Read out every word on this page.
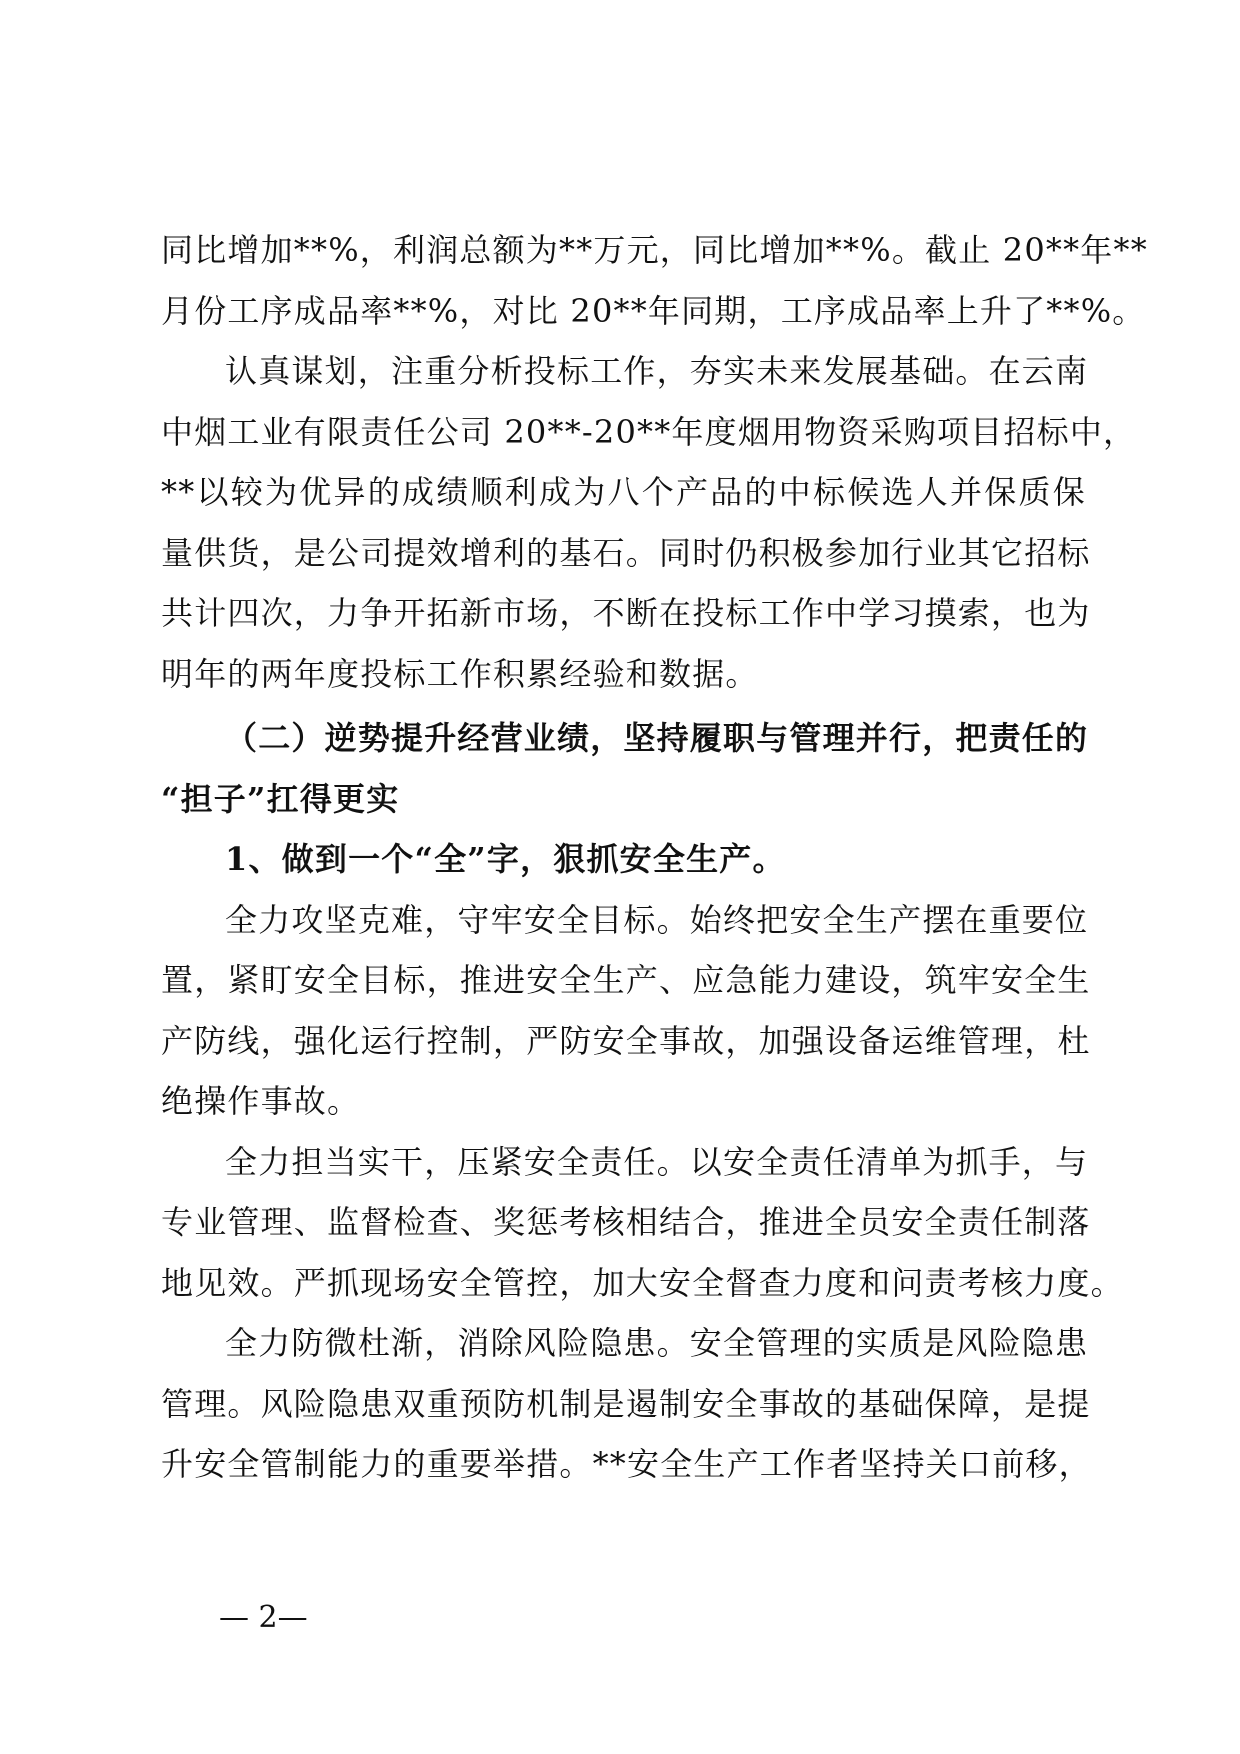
同比增加**%，利润总额为**万元，同比增加**%。截止 20**年**
月份工序成品率**%，对比 20**年同期，工序成品率上升了**%。
认真谋划，注重分析投标工作，夯实未来发展基础。在云南
中烟工业有限责任公司 20**-20**年度烟用物资采购项目招标中，
**以较为优异的成绩顺利成为八个产品的中标候选人并保质保
量供货，是公司提效增利的基石。同时仍积极参加行业其它招标
共计四次，力争开拓新市场，不断在投标工作中学习摸索，也为
明年的两年度投标工作积累经验和数据。
（二）逆势提升经营业绩，坚持履职与管理并行，把责任的
“担子”扛得更实
1、做到一个“全”字，狠抓安全生产。
全力攻坚克难，守牢安全目标。始终把安全生产摆在重要位
置，紧盯安全目标，推进安全生产、应急能力建设，筑牢安全生
产防线，强化运行控制，严防安全事故，加强设备运维管理，杜
绝操作事故。
全力担当实干，压紧安全责任。以安全责任清单为抓手，与
专业管理、监督检查、奖惩考核相结合，推进全员安全责任制落
地见效。严抓现场安全管控，加大安全督查力度和问责考核力度。
全力防微杜渐，消除风险隐患。安全管理的实质是风险隐患
管理。风险隐患双重预防机制是遏制安全事故的基础保障，是提
升安全管制能力的重要举措。**安全生产工作者坚持关口前移，
— 2—
